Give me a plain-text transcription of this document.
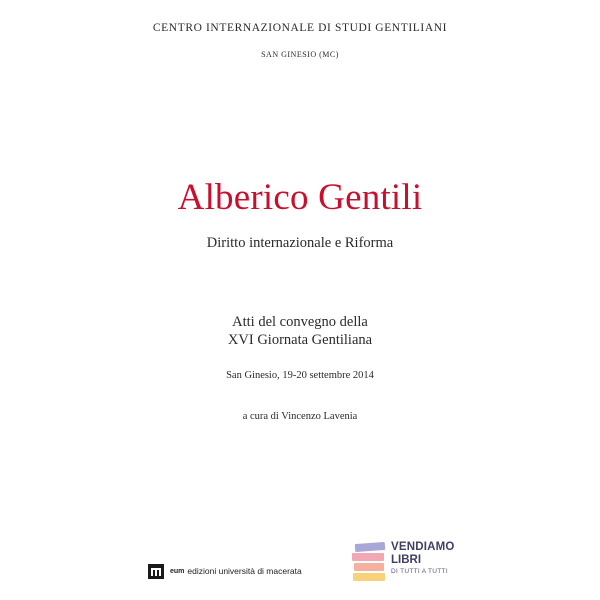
CENTRO INTERNAZIONALE DI STUDI GENTILIANI
SAN GINESIO (MC)
Alberico Gentili
Diritto internazionale e Riforma
Atti del convegno della
XVI Giornata Gentiliana
San Ginesio, 19-20 settembre 2014
a cura di Vincenzo Lavenia
eum edizioni università di macerata
VENDIAMO
LIBRI
DI TUTTI A TUTTI
